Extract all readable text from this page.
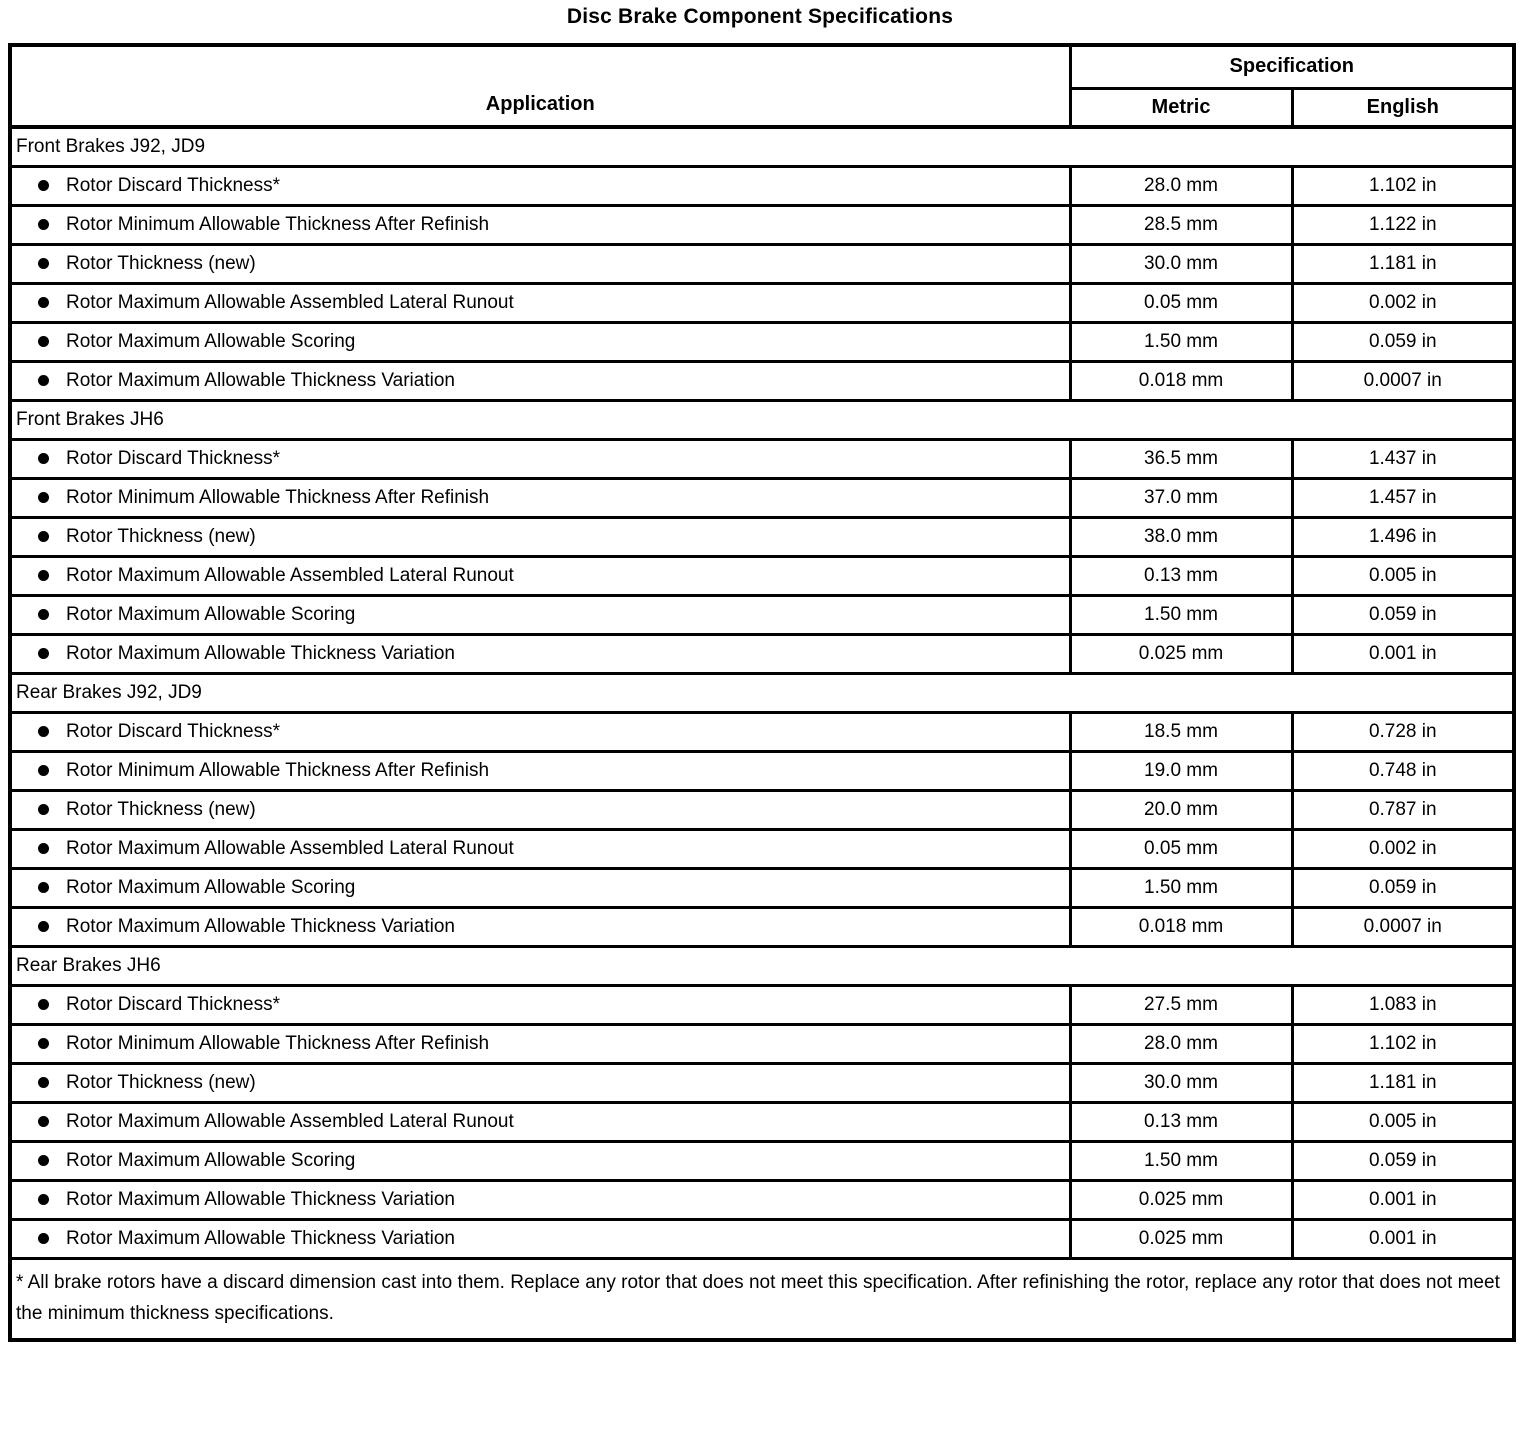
Disc Brake Component Specifications
Application	Specification	
	Metric	English
Front Brakes J92, JD9		

Rotor Discard Thickness*	28.0 mm	1.102 in

Rotor Minimum Allowable Thickness After Refinish	28.5 mm	1.122 in

Rotor Thickness (new)	30.0 mm	1.181 in

Rotor Maximum Allowable Assembled Lateral Runout	0.05 mm	0.002 in

Rotor Maximum Allowable Scoring	1.50 mm	0.059 in

Rotor Maximum Allowable Thickness Variation	0.018 mm	0.0007 in
Front Brakes JH6		

Rotor Discard Thickness*	36.5 mm	1.437 in

Rotor Minimum Allowable Thickness After Refinish	37.0 mm	1.457 in

Rotor Thickness (new)	38.0 mm	1.496 in

Rotor Maximum Allowable Assembled Lateral Runout	0.13 mm	0.005 in

Rotor Maximum Allowable Scoring	1.50 mm	0.059 in

Rotor Maximum Allowable Thickness Variation	0.025 mm	0.001 in
Rear Brakes J92, JD9		

Rotor Discard Thickness*	18.5 mm	0.728 in

Rotor Minimum Allowable Thickness After Refinish	19.0 mm	0.748 in

Rotor Thickness (new)	20.0 mm	0.787 in

Rotor Maximum Allowable Assembled Lateral Runout	0.05 mm	0.002 in

Rotor Maximum Allowable Scoring	1.50 mm	0.059 in

Rotor Maximum Allowable Thickness Variation	0.018 mm	0.0007 in
Rear Brakes JH6		

Rotor Discard Thickness*	27.5 mm	1.083 in

Rotor Minimum Allowable Thickness After Refinish	28.0 mm	1.102 in

Rotor Thickness (new)	30.0 mm	1.181 in

Rotor Maximum Allowable Assembled Lateral Runout	0.13 mm	0.005 in

Rotor Maximum Allowable Scoring	1.50 mm	0.059 in

Rotor Maximum Allowable Thickness Variation	0.025 mm	0.001 in

Rotor Maximum Allowable Thickness Variation	0.025 mm	0.001 in
* All brake rotors have a discard dimension cast into them. Replace any rotor that does not meet this specification. After refinishing the rotor, replace any rotor that does not meet the minimum thickness specifications.		
